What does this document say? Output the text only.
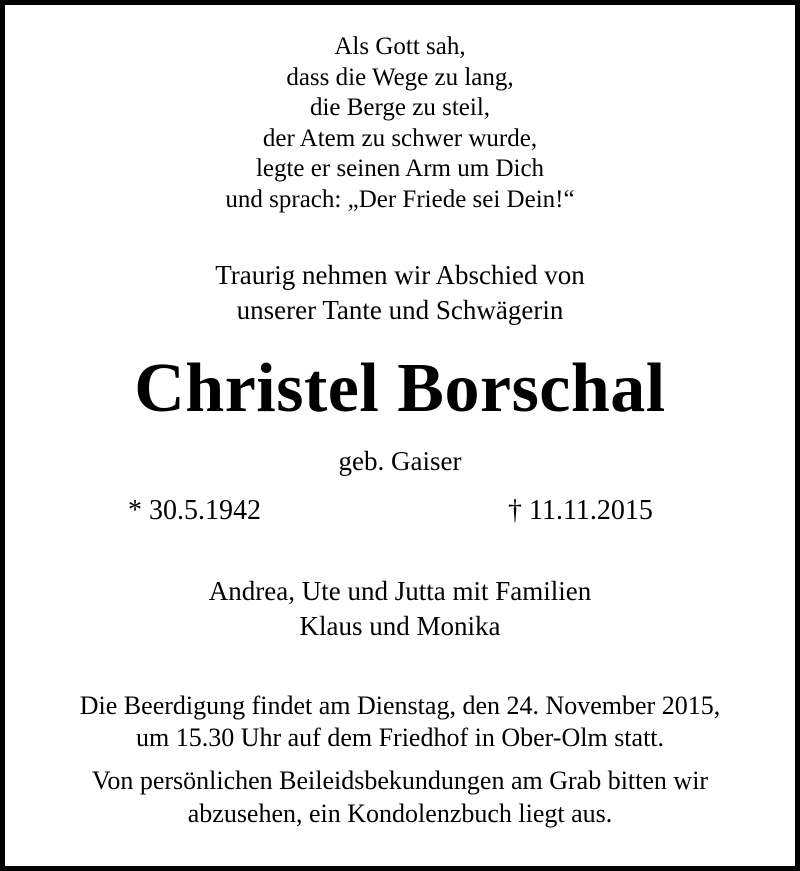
Als Gott sah,
dass die Wege zu lang,
die Berge zu steil,
der Atem zu schwer wurde,
legte er seinen Arm um Dich
und sprach: „Der Friede sei Dein!“
Traurig nehmen wir Abschied von
unserer Tante und Schwägerin
Christel Borschal
geb. Gaiser
* 30.5.1942	† 11.11.2015
Andrea, Ute und Jutta mit Familien
Klaus und Monika
Die Beerdigung findet am Dienstag, den 24. November 2015,
um 15.30 Uhr auf dem Friedhof in Ober-Olm statt.
Von persönlichen Beileidsbekundungen am Grab bitten wir
abzusehen, ein Kondolenzbuch liegt aus.
